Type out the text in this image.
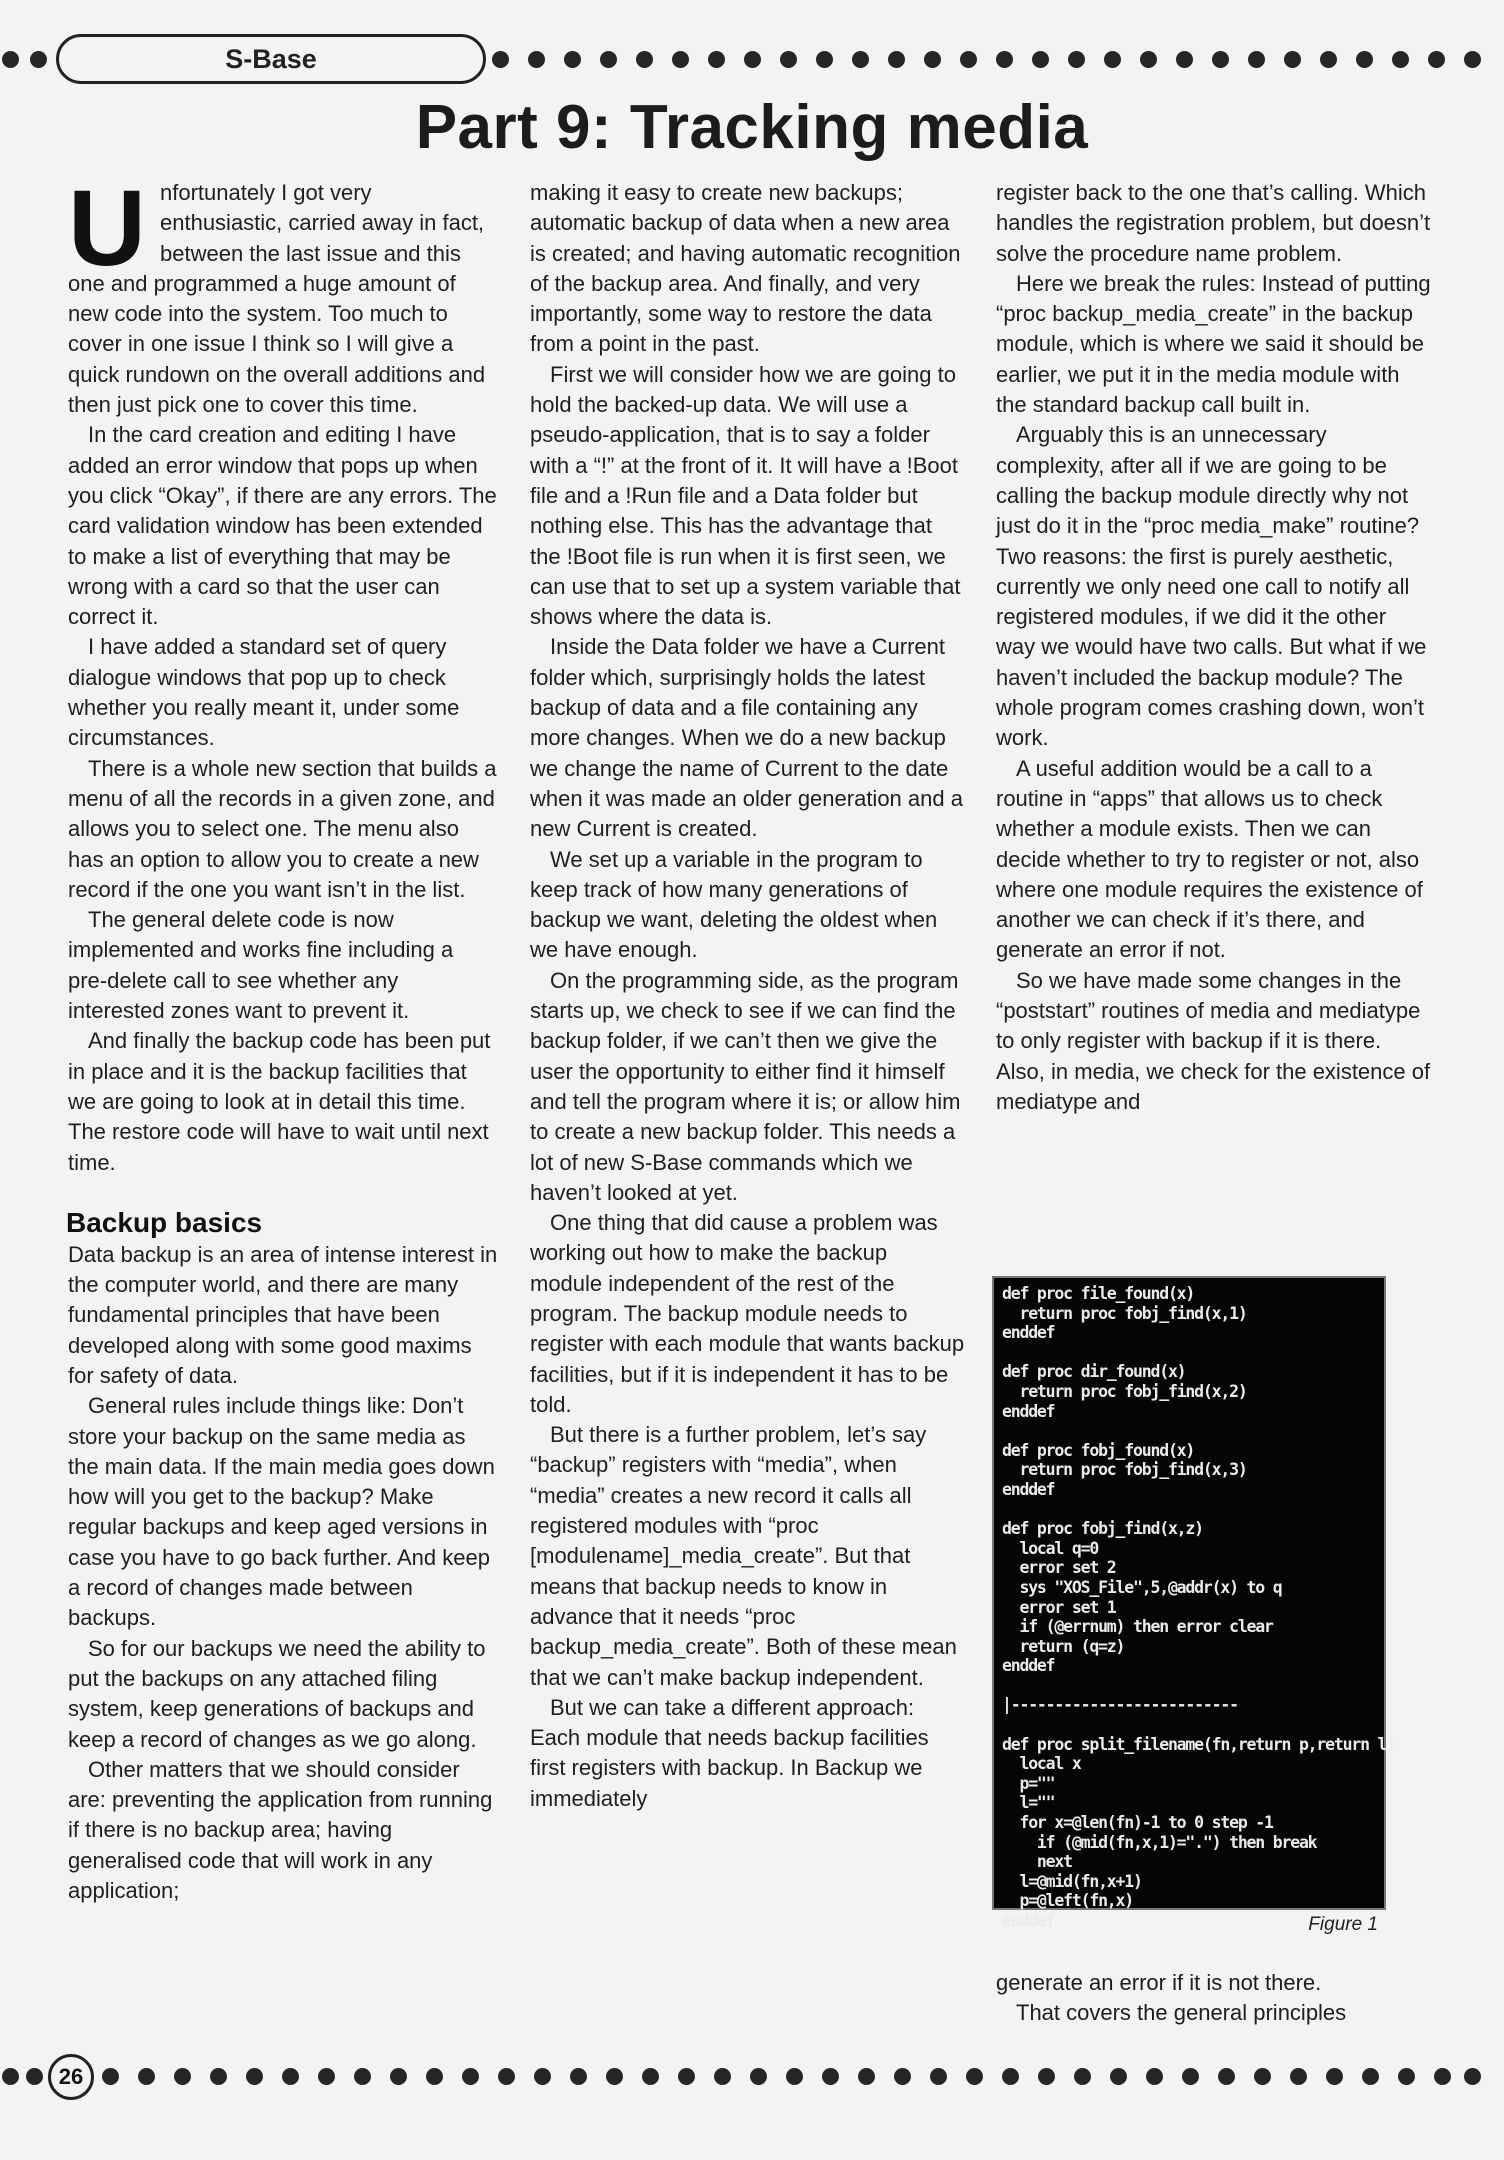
S-Base
Part 9: Tracking media

Unfortunately I got very enthusiastic, carried away in fact, between the last issue and this one and programmed a huge amount of new code into the system. Too much to cover in one issue I think so I will give a quick rundown on the overall additions and then just pick one to cover this time.

In the card creation and editing I have added an error window that pops up when you click “Okay”, if there are any errors. The card validation window has been extended to make a list of everything that may be wrong with a card so that the user can correct it.

I have added a standard set of query dialogue windows that pop up to check whether you really meant it, under some circumstances.

There is a whole new section that builds a menu of all the records in a given zone, and allows you to select one. The menu also has an option to allow you to create a new record if the one you want isn’t in the list.

The general delete code is now implemented and works fine including a pre-delete call to see whether any interested zones want to prevent it.

And finally the backup code has been put in place and it is the backup facilities that we are going to look at in detail this time. The restore code will have to wait until next time.

Backup basics

Data backup is an area of intense interest in the computer world, and there are many fundamental principles that have been developed along with some good maxims for safety of data.

General rules include things like: Don’t store your backup on the same media as the main data. If the main media goes down how will you get to the backup? Make regular backups and keep aged versions in case you have to go back further. And keep a record of changes made between backups.

So for our backups we need the ability to put the backups on any attached filing system, keep generations of backups and keep a record of changes as we go along.

Other matters that we should consider are: preventing the application from running if there is no backup area; having generalised code that will work in any application;

making it easy to create new backups; automatic backup of data when a new area is created; and having automatic recognition of the backup area. And finally, and very importantly, some way to restore the data from a point in the past.

First we will consider how we are going to hold the backed-up data. We will use a pseudo-application, that is to say a folder with a “!” at the front of it. It will have a !Boot file and a !Run file and a Data folder but nothing else. This has the advantage that the !Boot file is run when it is first seen, we can use that to set up a system variable that shows where the data is.

Inside the Data folder we have a Current folder which, surprisingly holds the latest backup of data and a file containing any more changes. When we do a new backup we change the name of Current to the date when it was made an older generation and a new Current is created.

We set up a variable in the program to keep track of how many generations of backup we want, deleting the oldest when we have enough.

On the programming side, as the program starts up, we check to see if we can find the backup folder, if we can’t then we give the user the opportunity to either find it himself and tell the program where it is; or allow him to create a new backup folder. This needs a lot of new S-Base commands which we haven’t looked at yet.

One thing that did cause a problem was working out how to make the backup module independent of the rest of the program. The backup module needs to register with each module that wants backup facilities, but if it is independent it has to be told.

But there is a further problem, let’s say “backup” registers with “media”, when “media” creates a new record it calls all registered modules with “proc [modulename]_media_create”. But that means that backup needs to know in advance that it needs “proc backup_media_create”. Both of these mean that we can’t make backup independent.

But we can take a different approach: Each module that needs backup facilities first registers with backup. In Backup we immediately

register back to the one that’s calling. Which handles the registration problem, but doesn’t solve the procedure name problem.

Here we break the rules: Instead of putting “proc backup_media_create” in the backup module, which is where we said it should be earlier, we put it in the media module with the standard backup call built in.

Arguably this is an unnecessary complexity, after all if we are going to be calling the backup module directly why not just do it in the “proc media_make” routine? Two reasons: the first is purely aesthetic, currently we only need one call to notify all registered modules, if we did it the other way we would have two calls. But what if we haven’t included the backup module? The whole program comes crashing down, won’t work.

A useful addition would be a call to a routine in “apps” that allows us to check whether a module exists. Then we can decide whether to try to register or not, also where one module requires the existence of another we can check if it’s there, and generate an error if not.

So we have made some changes in the “poststart” routines of media and mediatype to only register with backup if it is there. Also, in media, we check for the existence of mediatype and

def proc file_found(x)
return proc fobj_find(x,1)
enddef

def proc dir_found(x)
return proc fobj_find(x,2)
enddef

def proc fobj_found(x)
return proc fobj_find(x,3)
enddef

def proc fobj_find(x,z)
local q=0
error set 2
sys "XOS_File",5,@addr(x) to q
error set 1
if (@errnum) then error clear
return (q=z)
enddef

|--------------------------

def proc split_filename(fn,return p,return l)
local x
p=""
l=""
for x=@len(fn)-1 to 0 step -1
if (@mid(fn,x,1)=".") then break
next
l=@mid(fn,x+1)
p=@left(fn,x)
enddef	Figure 1

generate an error if it is not there.

That covers the general principles

26
